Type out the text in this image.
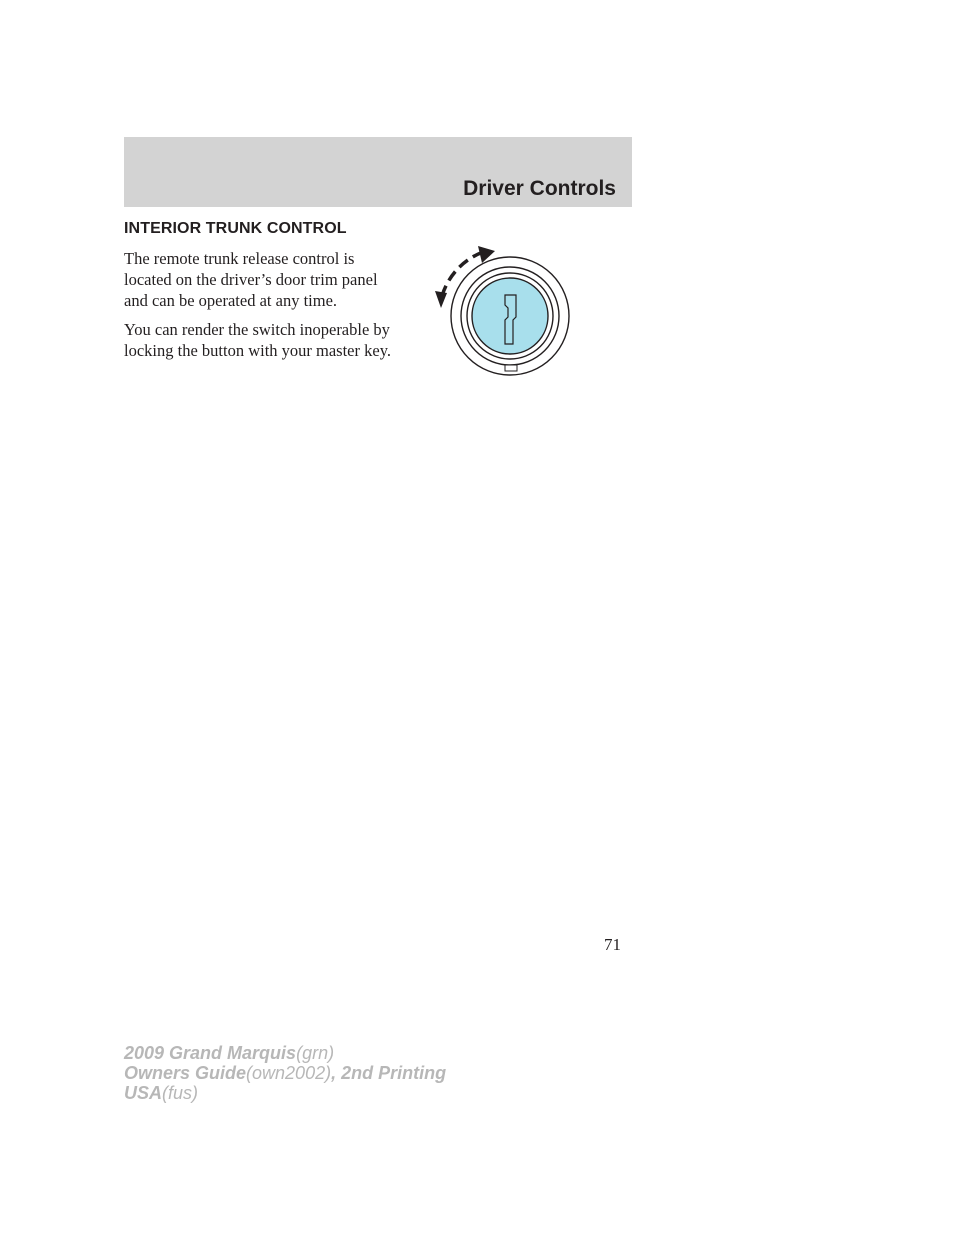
Driver Controls
INTERIOR TRUNK CONTROL

The remote trunk release control is located on the driver’s door trim panel and can be operated at any time.

You can render the switch inoperable by locking the button with your master key.

71
2009 Grand Marquis(grn)
Owners Guide(own2002), 2nd Printing
USA(fus)
